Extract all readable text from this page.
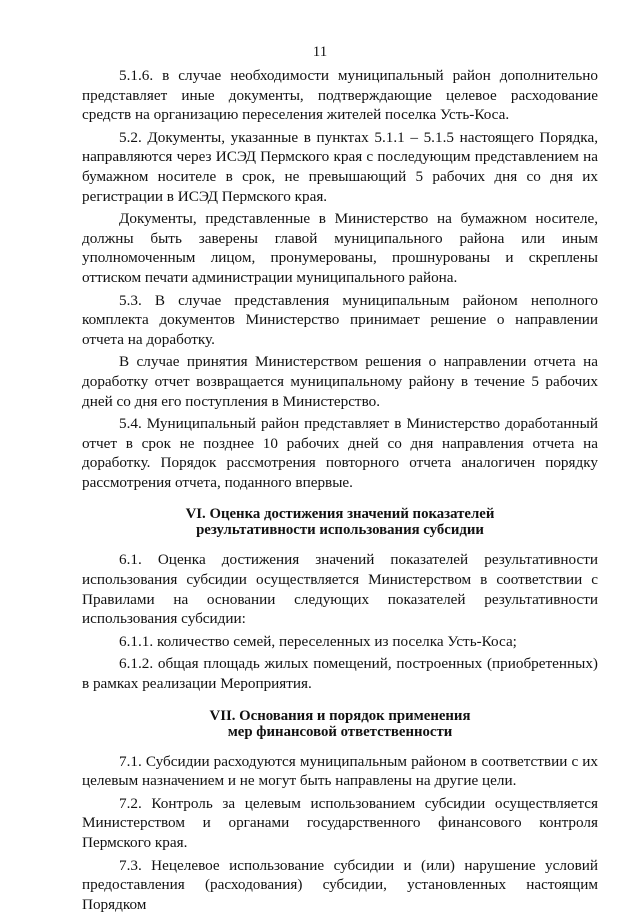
11

5.1.6. в случае необходимости муниципальный район дополнительно представляет иные документы, подтверждающие целевое расходование средств на организацию переселения жителей поселка Усть-Коса.

5.2. Документы, указанные в пунктах 5.1.1 – 5.1.5 настоящего Порядка, направляются через ИСЭД Пермского края с последующим представлением на бумажном носителе в срок, не превышающий 5 рабочих дня со дня их регистрации в ИСЭД Пермского края.

Документы, представленные в Министерство на бумажном носителе, должны быть заверены главой муниципального района или иным уполномоченным лицом, пронумерованы, прошнурованы и скреплены оттиском печати администрации муниципального района.

5.3. В случае представления муниципальным районом неполного комплекта документов Министерство принимает решение о направлении отчета на доработку.

В случае принятия Министерством решения о направлении отчета на доработку отчет возвращается муниципальному району в течение 5 рабочих дней со дня его поступления в Министерство.

5.4. Муниципальный район представляет в Министерство доработанный отчет в срок не позднее 10 рабочих дней со дня направления отчета на доработку. Порядок рассмотрения повторного отчета аналогичен порядку рассмотрения отчета, поданного впервые.

VI. Оценка достижения значений показателей
результативности использования субсидии

6.1. Оценка достижения значений показателей результативности использования субсидии осуществляется Министерством в соответствии с Правилами на основании следующих показателей результативности использования субсидии:

6.1.1. количество семей, переселенных из поселка Усть-Коса;

6.1.2. общая площадь жилых помещений, построенных (приобретенных) в рамках реализации Мероприятия.

VII. Основания и порядок применения
мер финансовой ответственности

7.1. Субсидии расходуются муниципальным районом в соответствии с их целевым назначением и не могут быть направлены на другие цели.

7.2. Контроль за целевым использованием субсидии осуществляется Министерством и органами государственного финансового контроля Пермского края.

7.3. Нецелевое использование субсидии и (или) нарушение условий предоставления (расходования) субсидии, установленных настоящим Порядком
